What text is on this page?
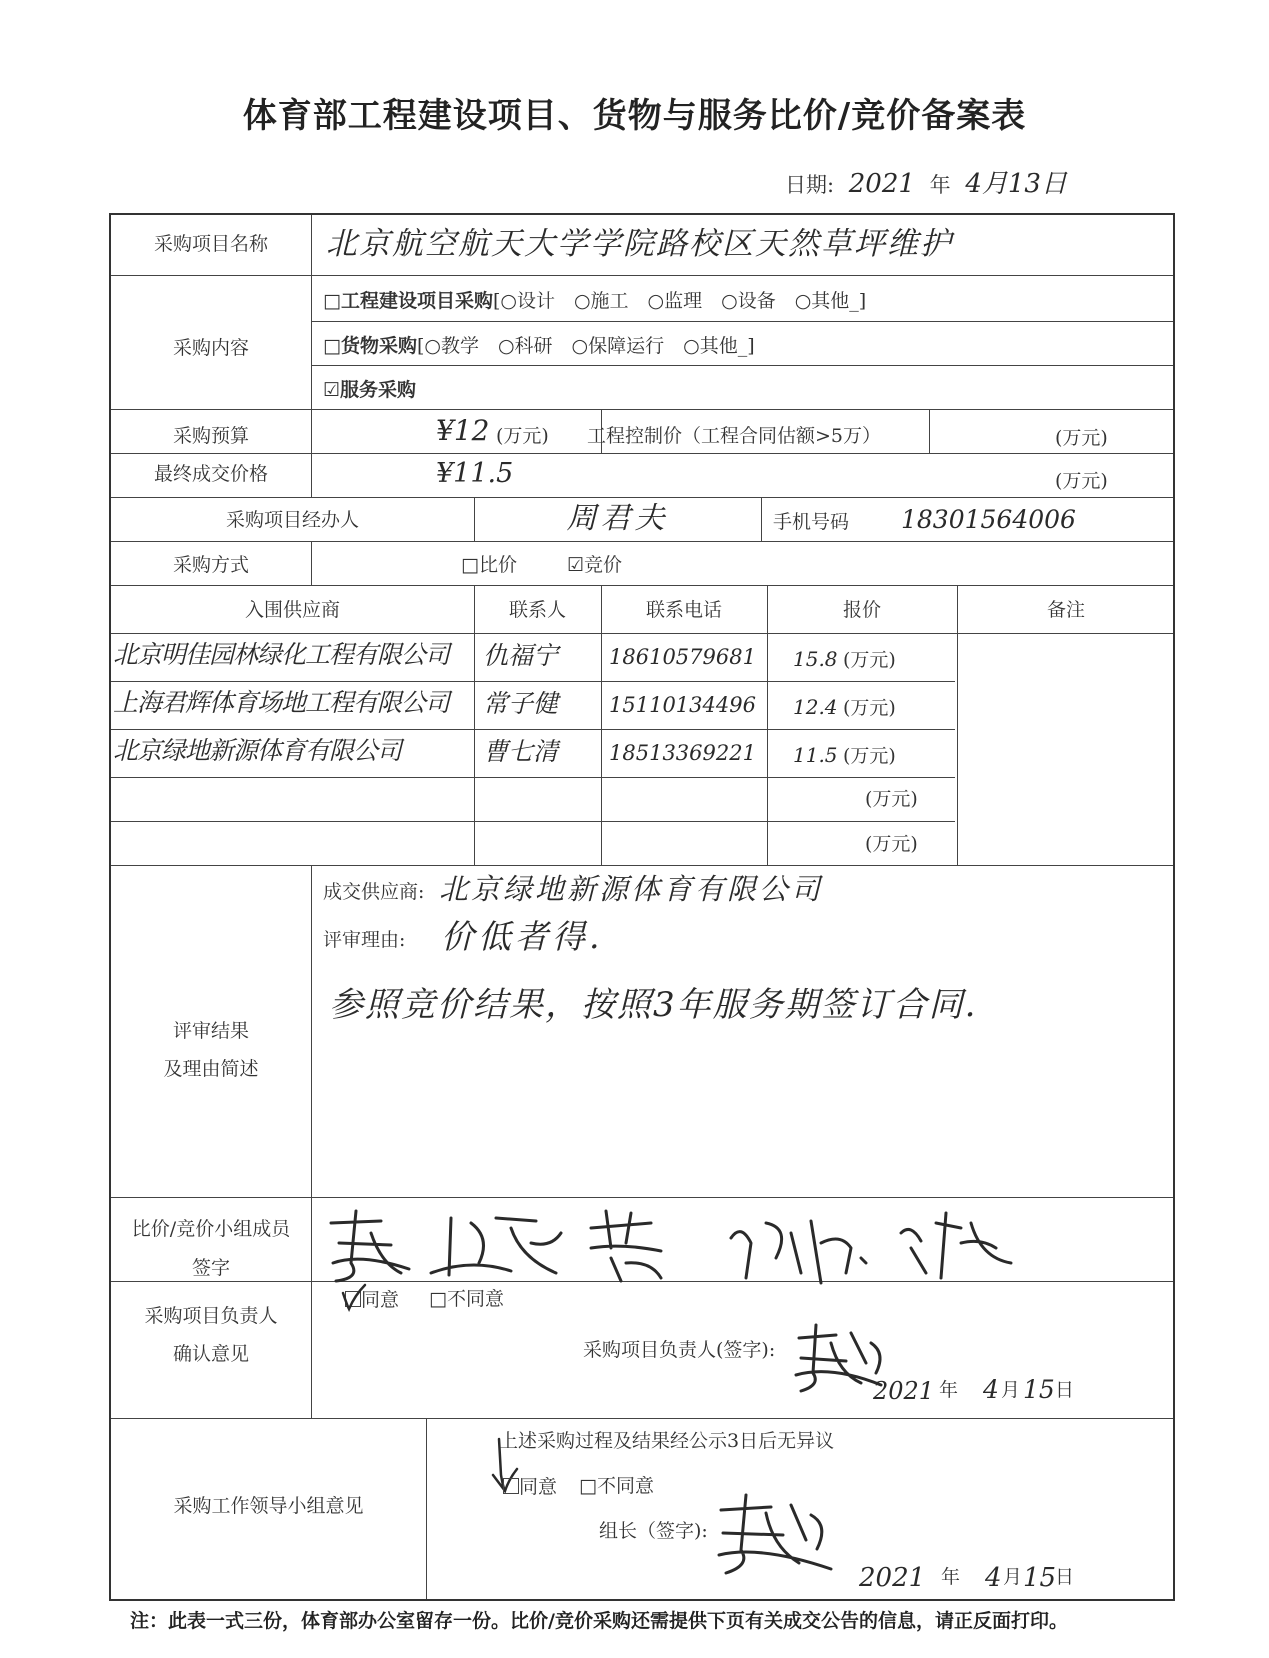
体育部工程建设项目、货物与服务比价/竞价备案表
日期: 2021 年 4月13日
采购项目名称	北京航空航天大学学院路校区天然草坪维护
采购内容
□工程建设项目采购[○设计　○施工　○监理　○设备　○其他_]
□货物采购[○教学　○科研　○保障运行　○其他_]
☑服务采购
采购预算	¥12 (万元) 工程控制价（工程合同估额>5万）	(万元)
最终成交价格	¥11.5	(万元)
采购项目经办人	周君夫	手机号码 18301564006
采购方式	□比价	☑竞价
入围供应商	联系人	联系电话	报价	备注
北京明佳园林绿化工程有限公司 仇福宁 18610579681 15.8 (万元)
上海君辉体育场地工程有限公司 常子健 15110134496 12.4 (万元)
北京绿地新源体育有限公司	曹七清 18513369221 11.5 (万元)
(万元)
(万元)
评审结果
及理由简述
成交供应商: 北京绿地新源体育有限公司
评审理由: 价低者得.
参照竞价结果，按照3年服务期签订合同.
比价/竞价小组成员
签字
采购项目负责人
确认意见
同意 □不同意
采购项目负责人(签字):
2021 年 4 月 15 日
采购工作领导小组意见
上述采购过程及结果经公示3日后无异议
同意 □不同意
组长（签字):
2021 年 4 月 15
日
注：此表一式三份，体育部办公室留存一份。比价/竞价采购还需提供下页有关成交公告的信息，请正反面打印。
